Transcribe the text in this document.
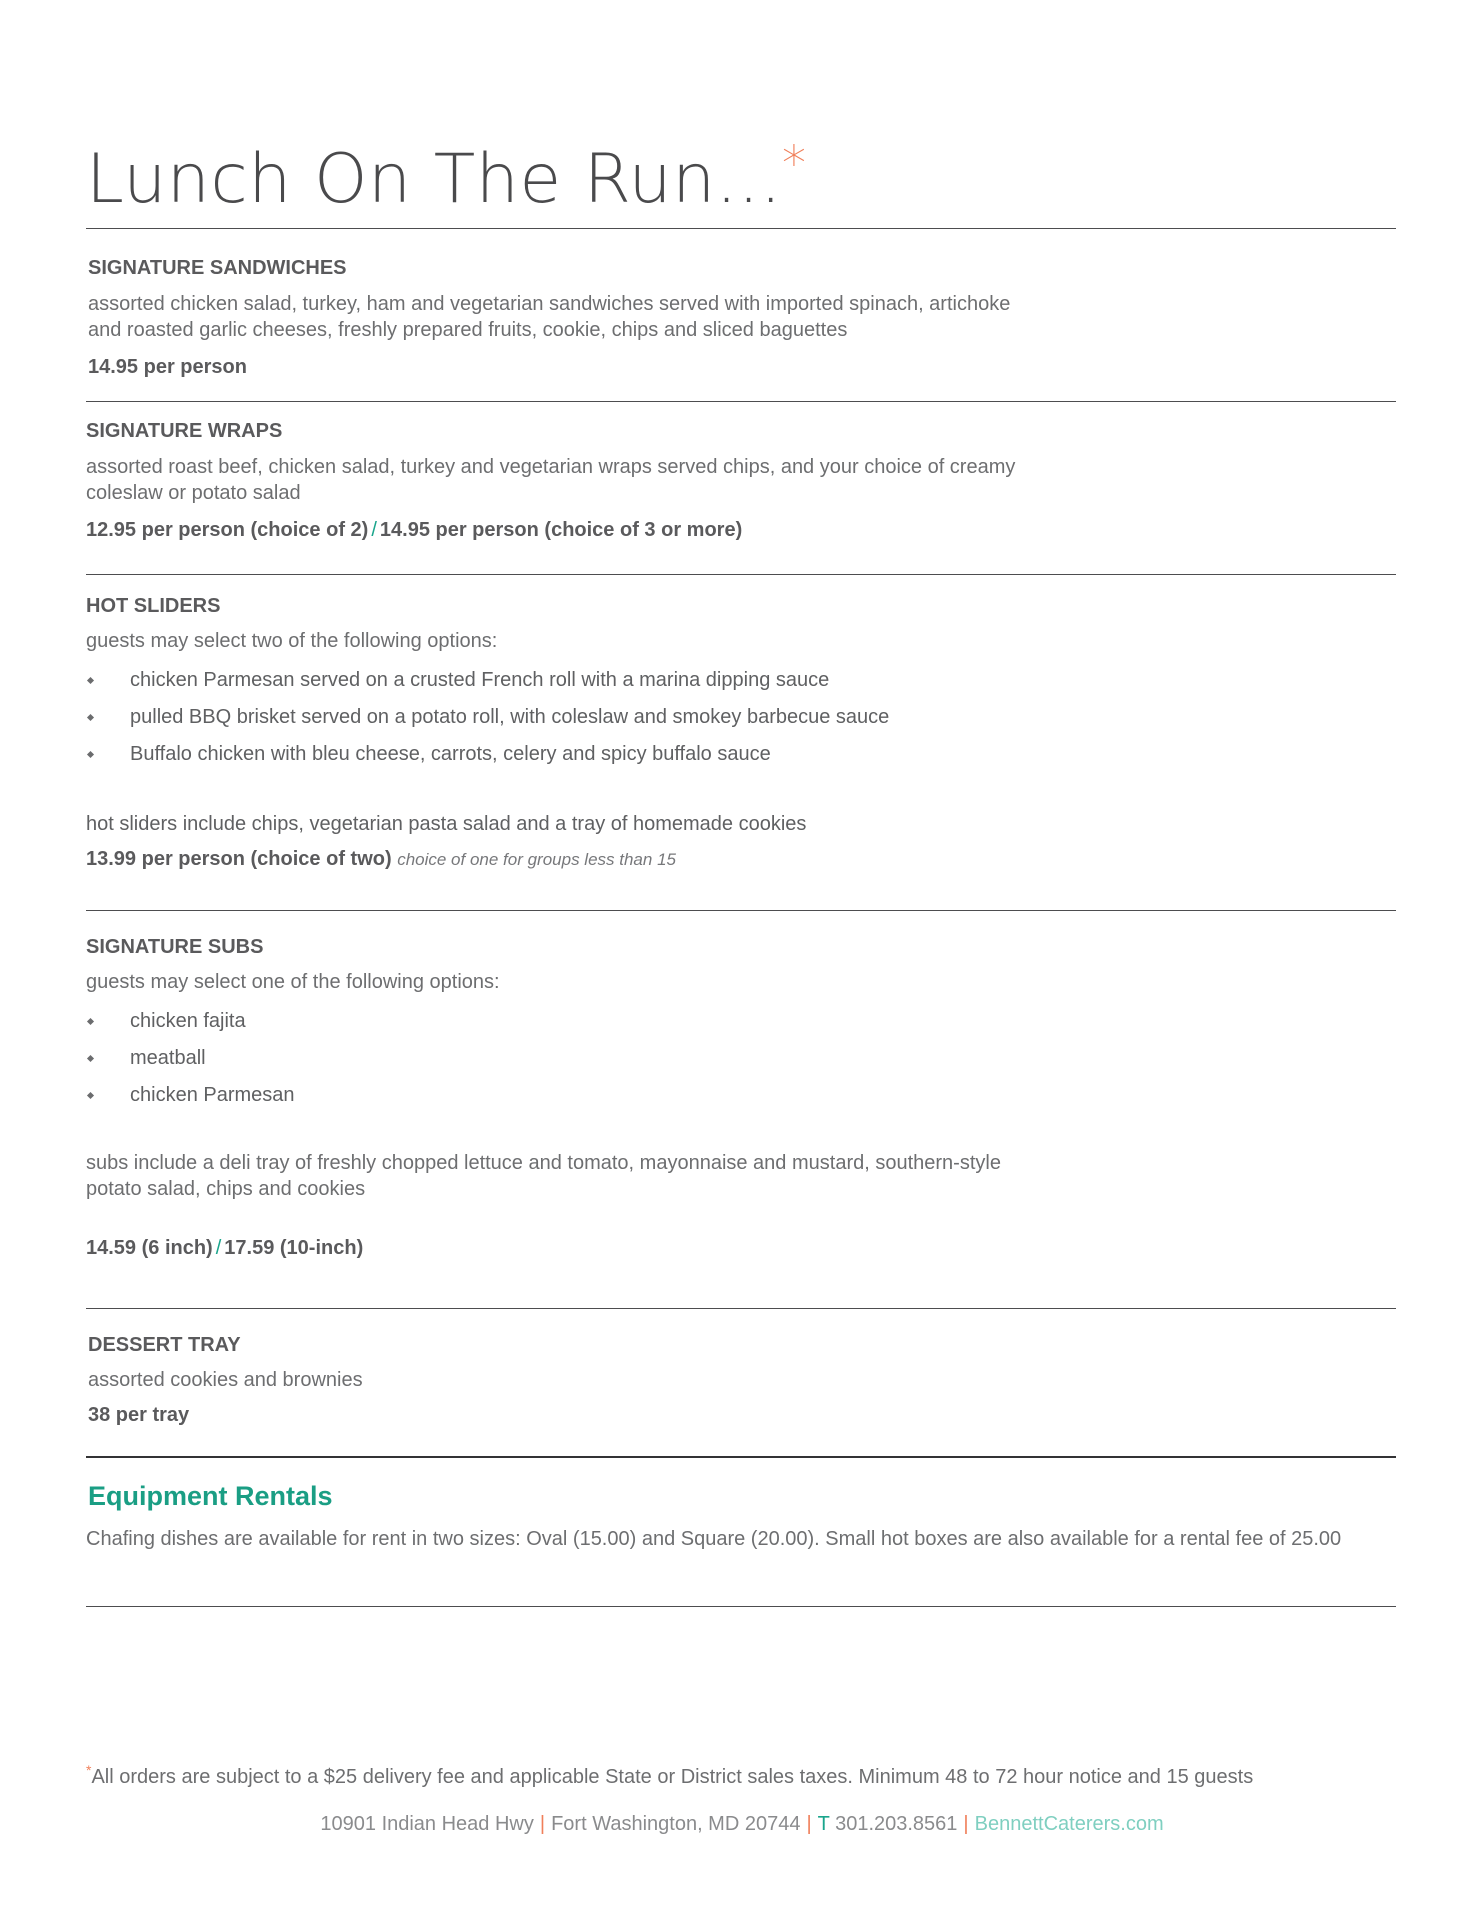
Lunch On The Run...*
SIGNATURE SANDWICHES
assorted chicken salad, turkey, ham and vegetarian sandwiches served with imported spinach, artichoke
and roasted garlic cheeses, freshly prepared fruits, cookie, chips and sliced baguettes
14.95 per person
SIGNATURE WRAPS
assorted roast beef, chicken salad, turkey and vegetarian wraps served chips, and your choice of creamy
coleslaw or potato salad
12.95 per person (choice of 2) / 14.95 per person (choice of 3 or more)
HOT SLIDERS
guests may select two of the following options:
chicken Parmesan served on a crusted French roll with a marina dipping sauce
pulled BBQ brisket served on a potato roll, with coleslaw and smokey barbecue sauce
Buffalo chicken with bleu cheese, carrots, celery and spicy buffalo sauce
hot sliders include chips, vegetarian pasta salad and a tray of homemade cookies
13.99 per person (choice of two) choice of one for groups less than 15
SIGNATURE SUBS
guests may select one of the following options:
chicken fajita
meatball
chicken Parmesan
subs include a deli tray of freshly chopped lettuce and tomato, mayonnaise and mustard, southern-style
potato salad, chips and cookies
14.59 (6 inch) / 17.59 (10-inch)
DESSERT TRAY
assorted cookies and brownies
38 per tray
Equipment Rentals
Chafing dishes are available for rent in two sizes: Oval (15.00) and Square (20.00). Small hot boxes are also available for a rental fee of 25.00
*All orders are subject to a $25 delivery fee and applicable State or District sales taxes. Minimum 48 to 72 hour notice and 15 guests
10901 Indian Head Hwy | Fort Washington, MD 20744 | T 301.203.8561 | BennettCaterers.com
